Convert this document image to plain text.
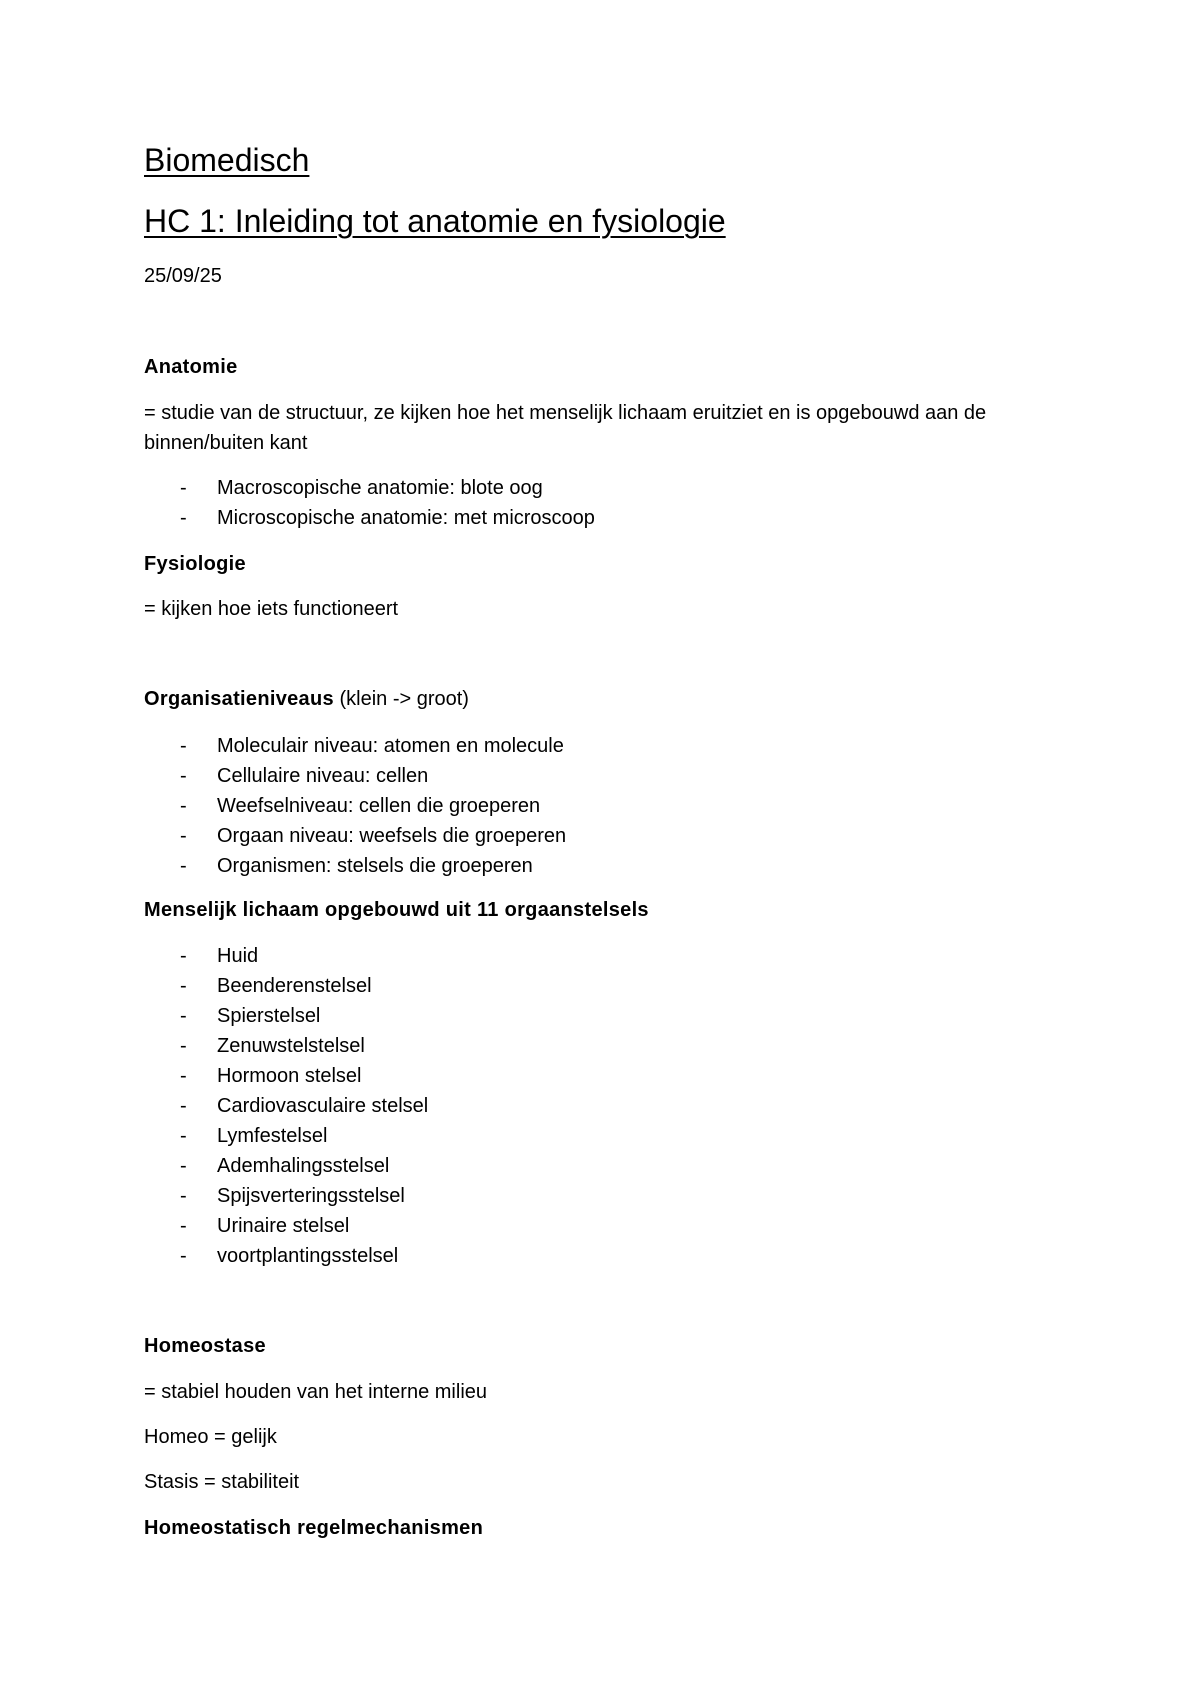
Biomedisch
HC 1: Inleiding tot anatomie en fysiologie
25/09/25
Anatomie
= studie van de structuur, ze kijken hoe het menselijk lichaam eruitziet en is opgebouwd aan de binnen/buiten kant
- Macroscopische anatomie: blote oog
- Microscopische anatomie: met microscoop
Fysiologie
= kijken hoe iets functioneert
Organisatieniveaus (klein -> groot)
- Moleculair niveau: atomen en molecule
- Cellulaire niveau: cellen
- Weefselniveau: cellen die groeperen
- Orgaan niveau: weefsels die groeperen
- Organismen: stelsels die groeperen
Menselijk lichaam opgebouwd uit 11 orgaanstelsels
- Huid
- Beenderenstelsel
- Spierstelsel
- Zenuwstelstelsel
- Hormoon stelsel
- Cardiovasculaire stelsel
- Lymfestelsel
- Ademhalingsstelsel
- Spijsverteringsstelsel
- Urinaire stelsel
- voortplantingsstelsel
Homeostase
= stabiel houden van het interne milieu
Homeo = gelijk
Stasis = stabiliteit
Homeostatisch regelmechanismen
